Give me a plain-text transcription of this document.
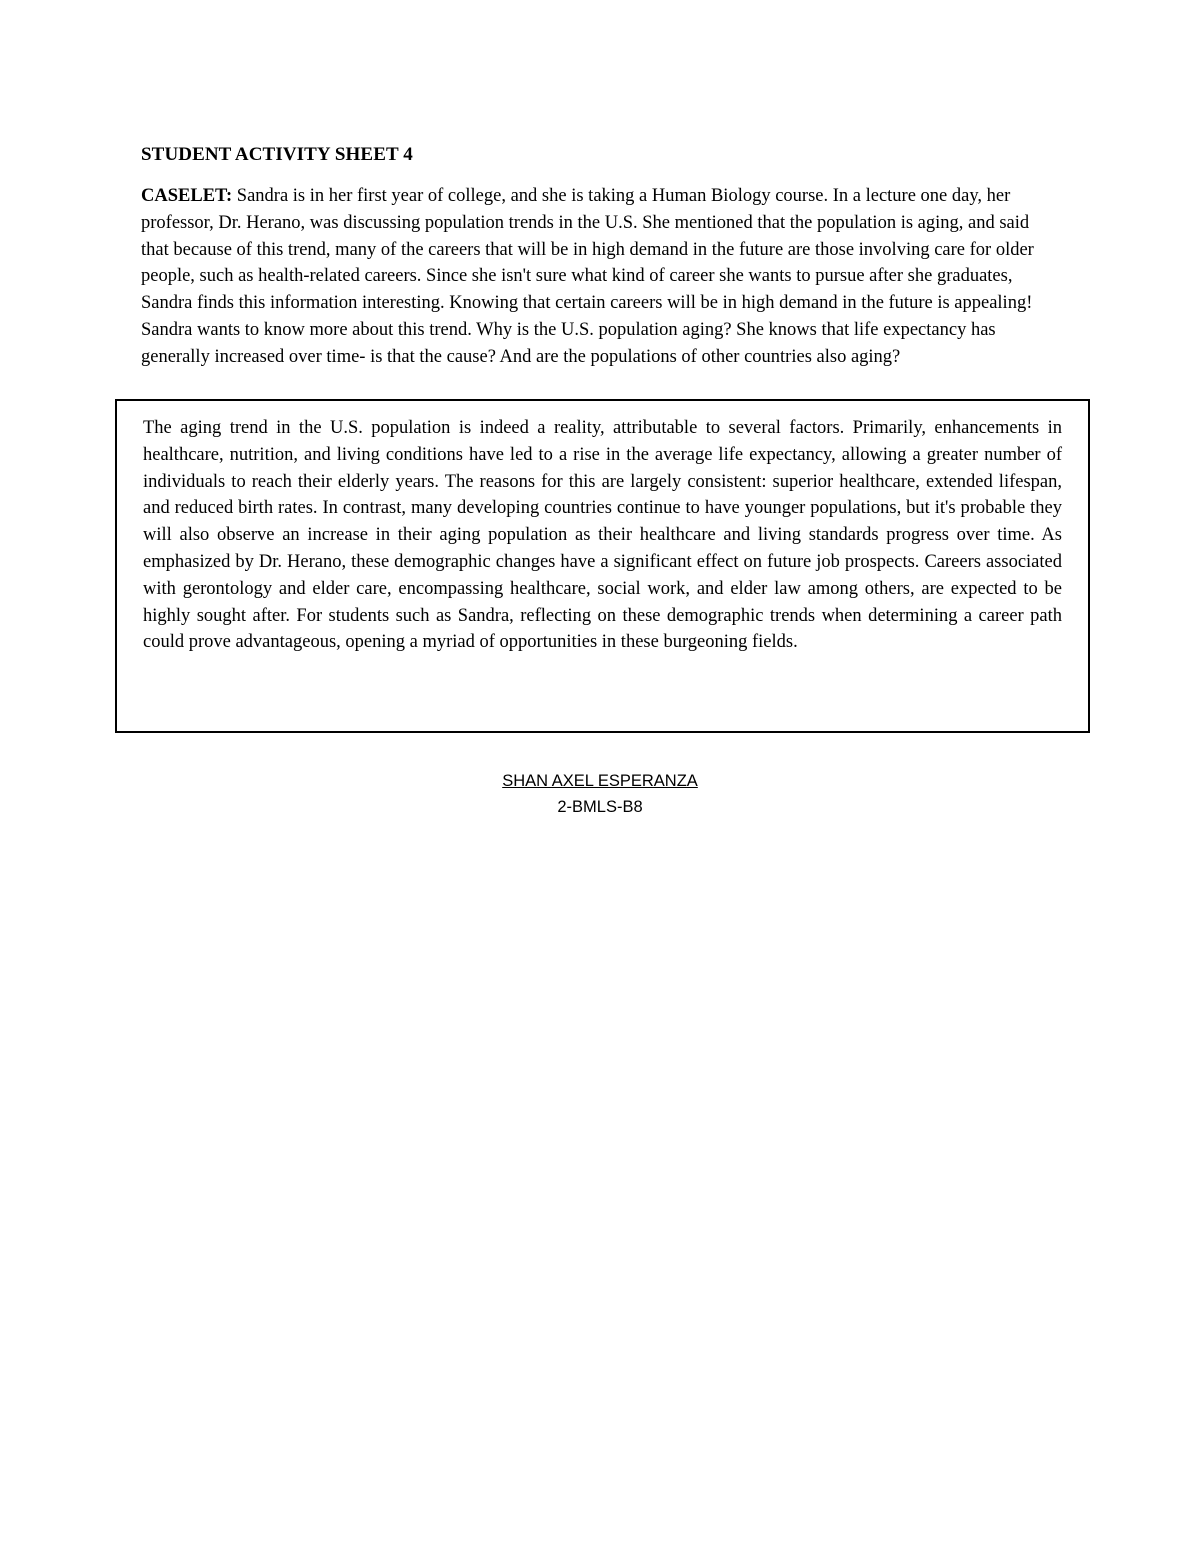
STUDENT ACTIVITY SHEET 4

CASELET: Sandra is in her first year of college, and she is taking a Human Biology course. In a lecture one day, her professor, Dr. Herano, was discussing population trends in the U.S. She mentioned that the population is aging, and said that because of this trend, many of the careers that will be in high demand in the future are those involving care for older people, such as health-related careers. Since she isn't sure what kind of career she wants to pursue after she graduates, Sandra finds this information interesting. Knowing that certain careers will be in high demand in the future is appealing! Sandra wants to know more about this trend. Why is the U.S. population aging? She knows that life expectancy has generally increased over time- is that the cause? And are the populations of other countries also aging?

The aging trend in the U.S. population is indeed a reality, attributable to several factors. Primarily, enhancements in healthcare, nutrition, and living conditions have led to a rise in the average life expectancy, allowing a greater number of individuals to reach their elderly years. The reasons for this are largely consistent: superior healthcare, extended lifespan, and reduced birth rates. In contrast, many developing countries continue to have younger populations, but it's probable they will also observe an increase in their aging population as their healthcare and living standards progress over time. As emphasized by Dr. Herano, these demographic changes have a significant effect on future job prospects. Careers associated with gerontology and elder care, encompassing healthcare, social work, and elder law among others, are expected to be highly sought after. For students such as Sandra, reflecting on these demographic trends when determining a career path could prove advantageous, opening a myriad of opportunities in these burgeoning fields.

SHAN AXEL ESPERANZA
2-BMLS-B8
